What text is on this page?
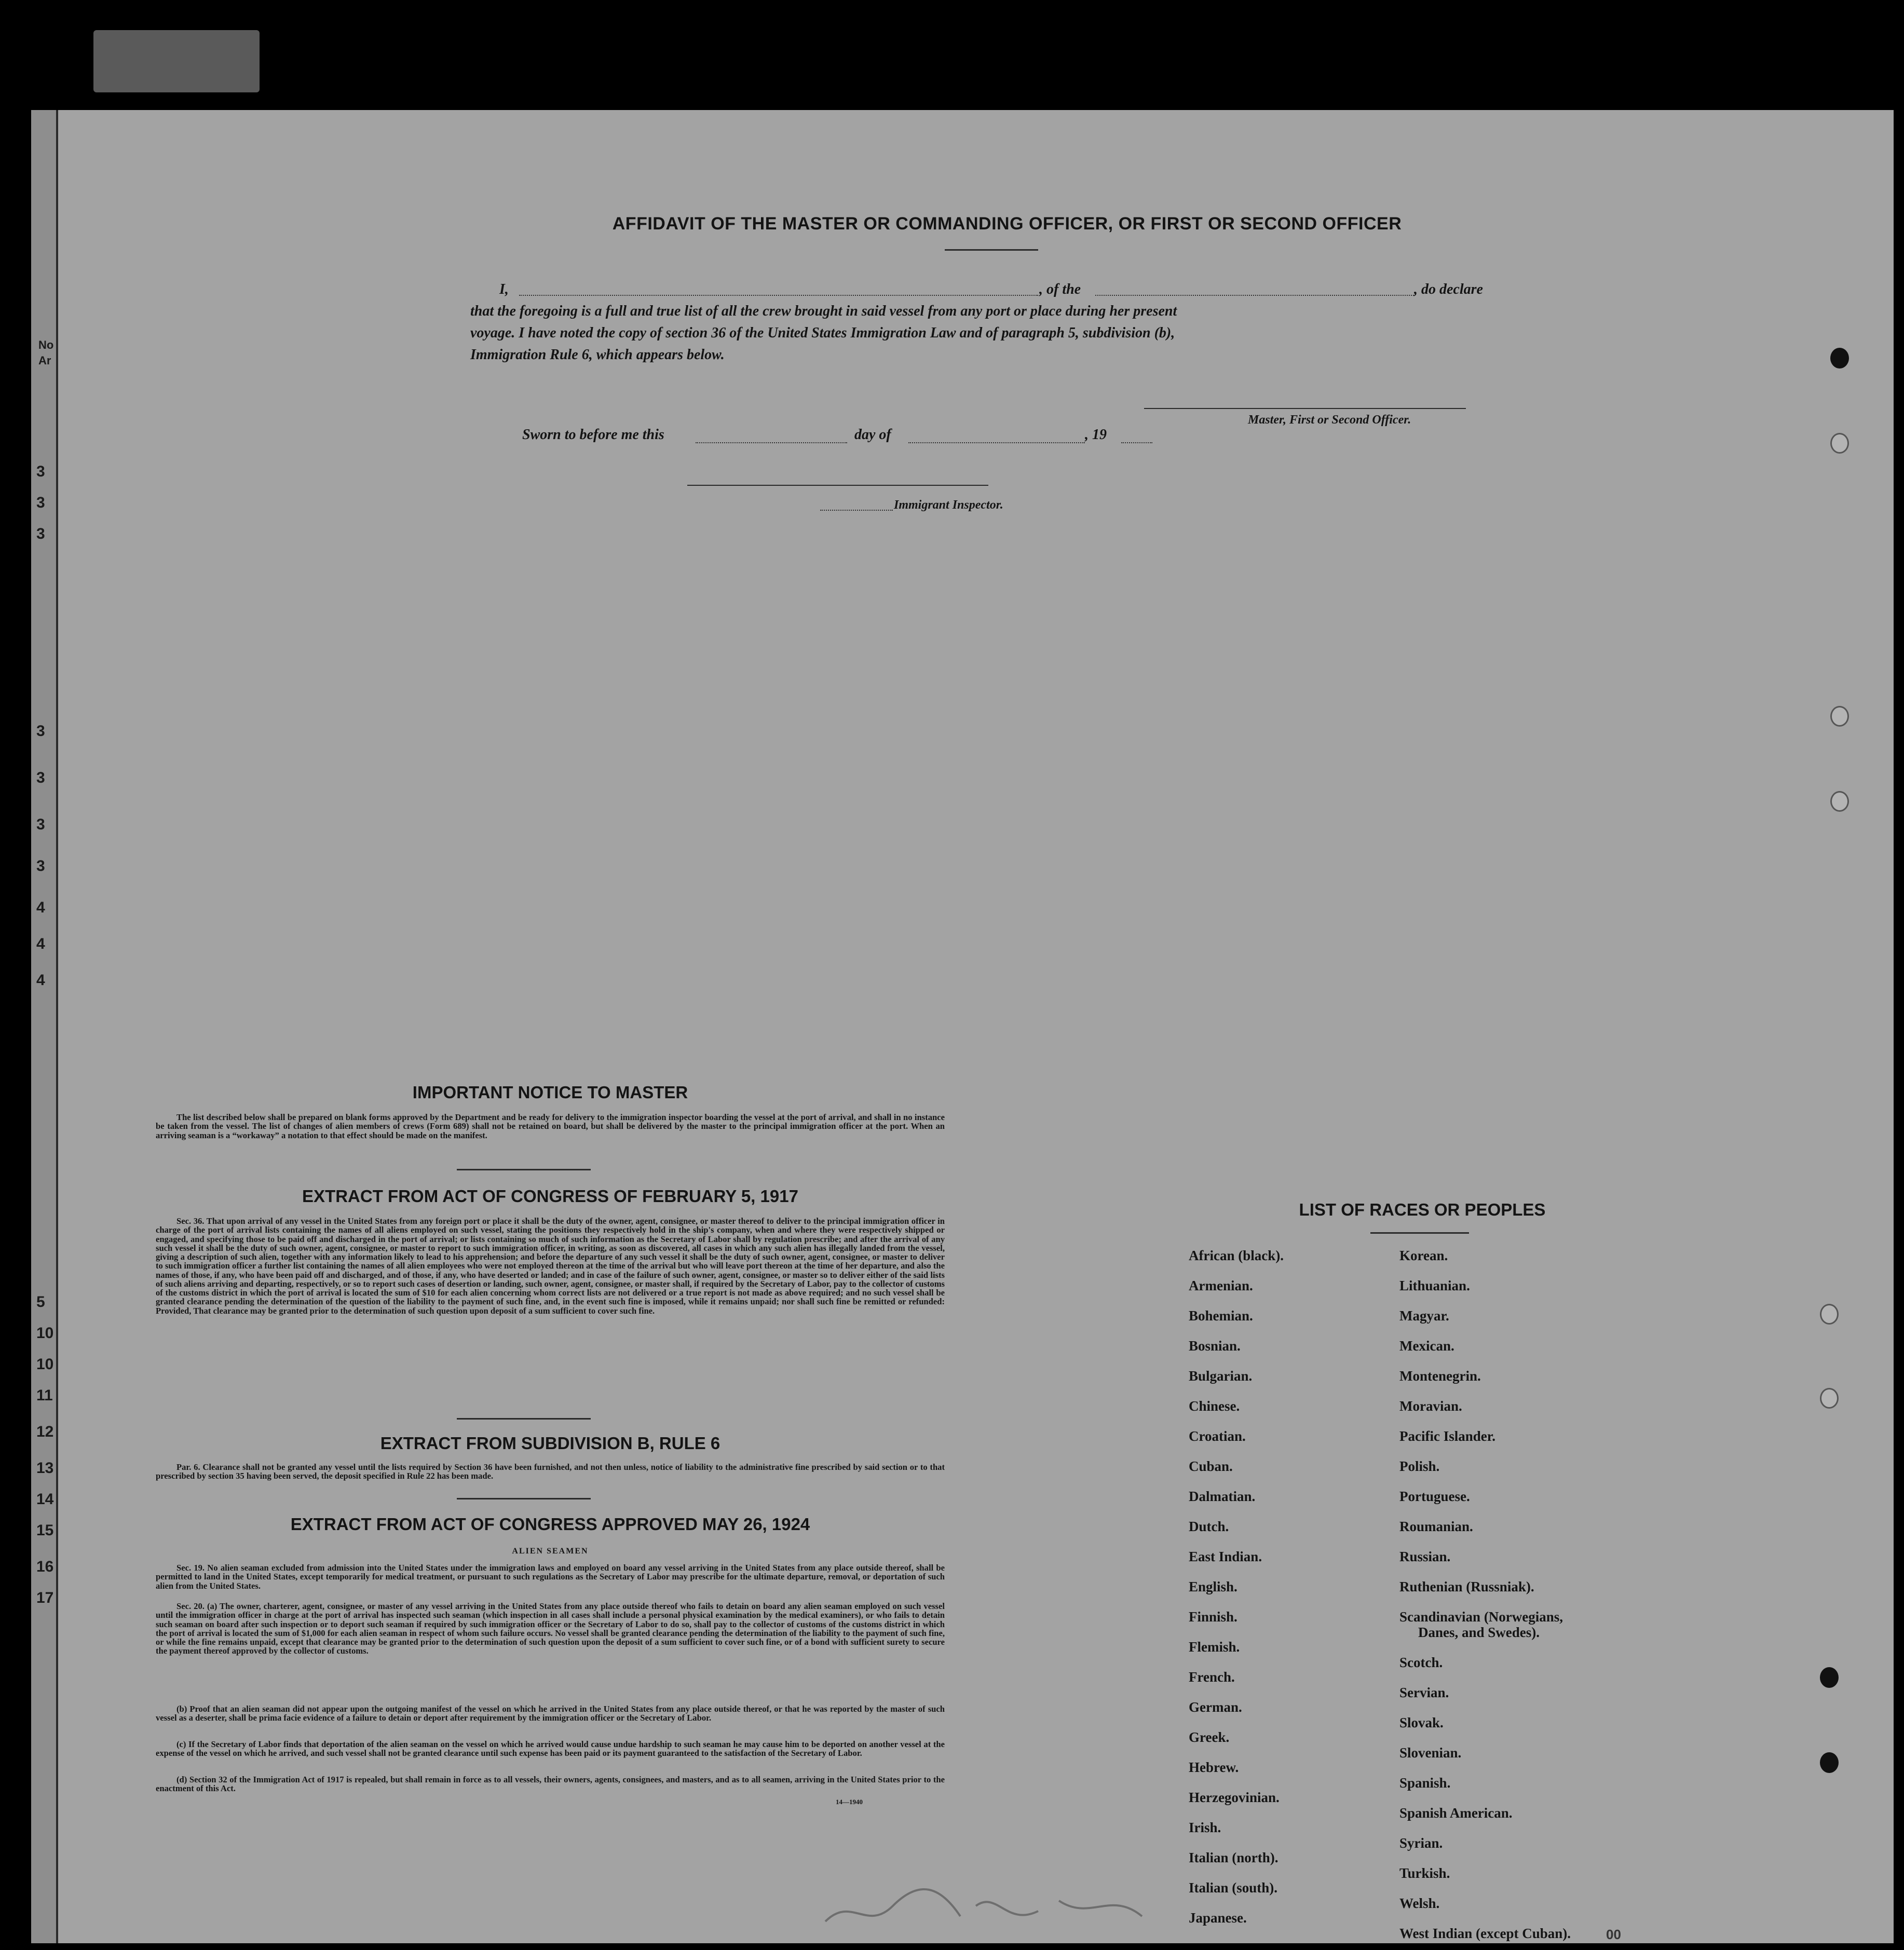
No
Ar
3
3
3
3
3
3
3
4
4
4
5
10
10
11
12
13
14
15
16
17
AFFIDAVIT OF THE MASTER OR COMMANDING OFFICER, OR FIRST OR SECOND OFFICER
I,	, of the	, do declare
that the foregoing is a full and true list of all the crew brought in said vessel from any port or place during her present
voyage. I have noted the copy of section 36 of the United States Immigration Law and of paragraph 5, subdivision (b),
Immigration Rule 6, which appears below.
Master, First or Second Officer.
Sworn to before me this	day of	, 19
Immigrant Inspector.
IMPORTANT NOTICE TO MASTER
The list described below shall be prepared on blank forms approved by the Department and be ready for delivery to the immigration inspector boarding the vessel at the port of arrival, and shall in no instance be taken from the vessel. The list of changes of alien members of crews (Form 689) shall not be retained on board, but shall be delivered by the master to the principal immigration officer at the port. When an arriving seaman is a “workaway” a notation to that effect should be made on the manifest.
EXTRACT FROM ACT OF CONGRESS OF FEBRUARY 5, 1917
Sec. 36. That upon arrival of any vessel in the United States from any foreign port or place it shall be the duty of the owner, agent, consignee, or master thereof to deliver to the principal immigration officer in charge of the port of arrival lists containing the names of all aliens employed on such vessel, stating the positions they respectively hold in the ship's company, when and where they were respectively shipped or engaged, and specifying those to be paid off and discharged in the port of arrival; or lists containing so much of such information as the Secretary of Labor shall by regulation prescribe; and after the arrival of any such vessel it shall be the duty of such owner, agent, consignee, or master to report to such immigration officer, in writing, as soon as discovered, all cases in which any such alien has illegally landed from the vessel, giving a description of such alien, together with any information likely to lead to his apprehension; and before the departure of any such vessel it shall be the duty of such owner, agent, consignee, or master to deliver to such immigration officer a further list containing the names of all alien employees who were not employed thereon at the time of the arrival but who will leave port thereon at the time of her departure, and also the names of those, if any, who have been paid off and discharged, and of those, if any, who have deserted or landed; and in case of the failure of such owner, agent, consignee, or master so to deliver either of the said lists of such aliens arriving and departing, respectively, or so to report such cases of desertion or landing, such owner, agent, consignee, or master shall, if required by the Secretary of Labor, pay to the collector of customs of the customs district in which the port of arrival is located the sum of $10 for each alien concerning whom correct lists are not delivered or a true report is not made as above required; and no such vessel shall be granted clearance pending the determination of the question of the liability to the payment of such fine, and, in the event such fine is imposed, while it remains unpaid; nor shall such fine be remitted or refunded: Provided, That clearance may be granted prior to the determination of such question upon deposit of a sum sufficient to cover such fine.
EXTRACT FROM SUBDIVISION B, RULE 6
Par. 6. Clearance shall not be granted any vessel until the lists required by Section 36 have been furnished, and not then unless, notice of liability to the administrative fine prescribed by said section or to that prescribed by section 35 having been served, the deposit specified in Rule 22 has been made.
EXTRACT FROM ACT OF CONGRESS APPROVED MAY 26, 1924
ALIEN SEAMEN
Sec. 19. No alien seaman excluded from admission into the United States under the immigration laws and employed on board any vessel arriving in the United States from any place outside thereof, shall be permitted to land in the United States, except temporarily for medical treatment, or pursuant to such regulations as the Secretary of Labor may prescribe for the ultimate departure, removal, or deportation of such alien from the United States.
Sec. 20. (a) The owner, charterer, agent, consignee, or master of any vessel arriving in the United States from any place outside thereof who fails to detain on board any alien seaman employed on such vessel until the immigration officer in charge at the port of arrival has inspected such seaman (which inspection in all cases shall include a personal physical examination by the medical examiners), or who fails to detain such seaman on board after such inspection or to deport such seaman if required by such immigration officer or the Secretary of Labor to do so, shall pay to the collector of customs of the customs district in which the port of arrival is located the sum of $1,000 for each alien seaman in respect of whom such failure occurs. No vessel shall be granted clearance pending the determination of the liability to the payment of such fine, or while the fine remains unpaid, except that clearance may be granted prior to the determination of such question upon the deposit of a sum sufficient to cover such fine, or of a bond with sufficient surety to secure the payment thereof approved by the collector of customs.
(b) Proof that an alien seaman did not appear upon the outgoing manifest of the vessel on which he arrived in the United States from any place outside thereof, or that he was reported by the master of such vessel as a deserter, shall be prima facie evidence of a failure to detain or deport after requirement by the immigration officer or the Secretary of Labor.
(c) If the Secretary of Labor finds that deportation of the alien seaman on the vessel on which he arrived would cause undue hardship to such seaman he may cause him to be deported on another vessel at the expense of the vessel on which he arrived, and such vessel shall not be granted clearance until such expense has been paid or its payment guaranteed to the satisfaction of the Secretary of Labor.
(d) Section 32 of the Immigration Act of 1917 is repealed, but shall remain in force as to all vessels, their owners, agents, consignees, and masters, and as to all seamen, arriving in the United States prior to the enactment of this Act.
14—1940
LIST OF RACES OR PEOPLES
African (black).
Armenian.
Bohemian.
Bosnian.
Bulgarian.
Chinese.
Croatian.
Cuban.
Dalmatian.
Dutch.
East Indian.
English.
Finnish.
Flemish.
French.
German.
Greek.
Hebrew.
Herzegovinian.
Irish.
Italian (north).
Italian (south).
Japanese.
Korean.
Lithuanian.
Magyar.
Mexican.
Montenegrin.
Moravian.
Pacific Islander.
Polish.
Portuguese.
Roumanian.
Russian.
Ruthenian (Russniak).
Scandinavian (Norwegians,
Danes, and Swedes).
Scotch.
Servian.
Slovak.
Slovenian.
Spanish.
Spanish American.
Syrian.
Turkish.
Welsh.
West Indian (except Cuban).	00
